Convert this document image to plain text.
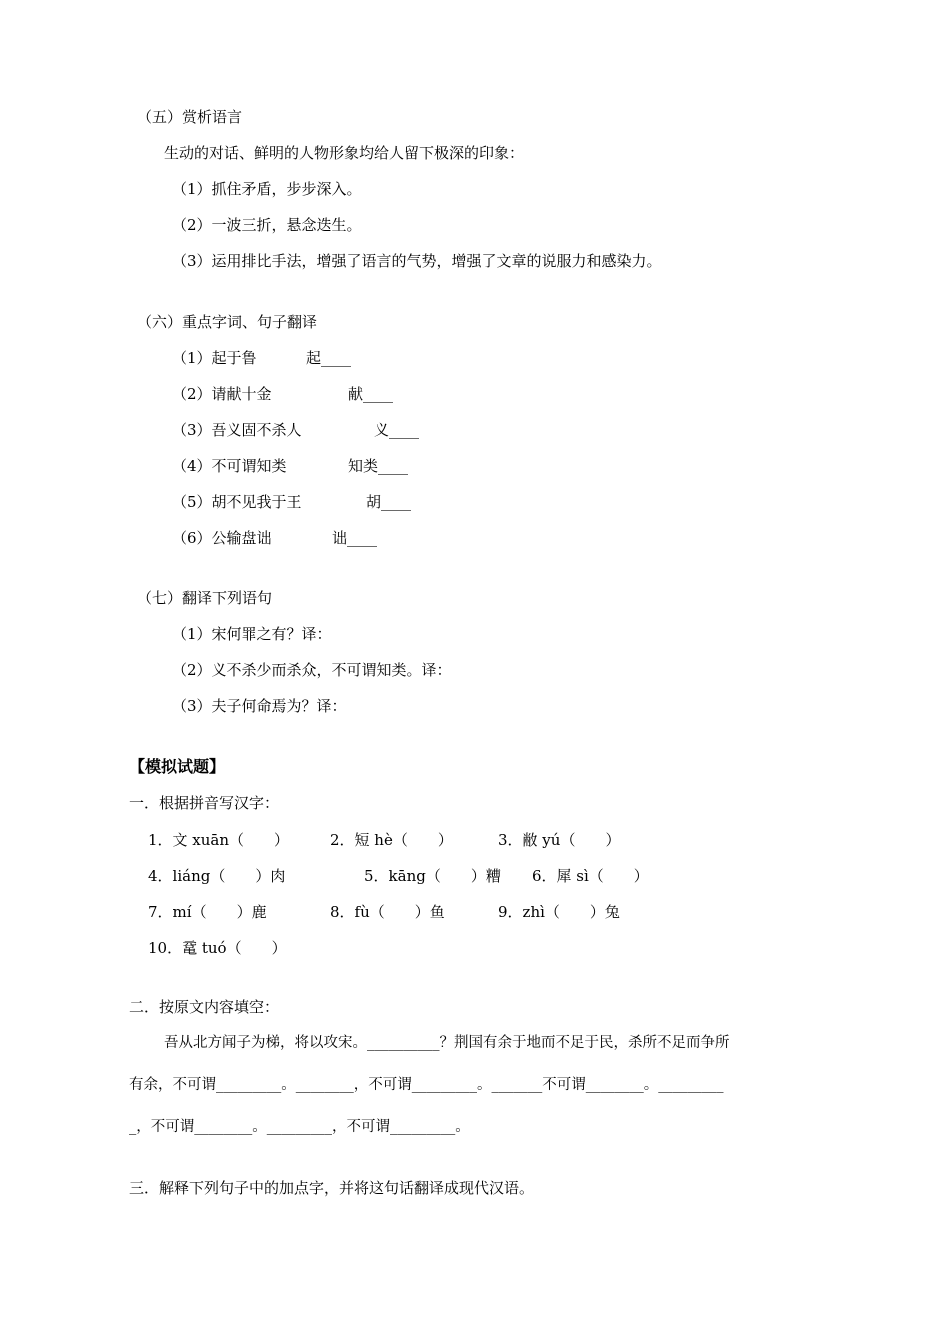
（五）赏析语言
生动的对话、鲜明的人物形象均给人留下极深的印象：
（1）抓住矛盾，步步深入。
（2）一波三折，悬念迭生。
（3）运用排比手法，增强了语言的气势，增强了文章的说服力和感染力。
（六）重点字词、句子翻译
（1）起于鲁	起____
（2）请献十金	献____
（3）吾义固不杀人	义____
（4）不可谓知类	知类____
（5）胡不见我于王	胡____
（6）公输盘诎	诎____
（七）翻译下列语句
（1）宋何罪之有？译：
（2）义不杀少而杀众，不可谓知类。译：
（3）夫子何命焉为？译：
【模拟试题】
一．根据拼音写汉字：
1．文 xuān（　　）	2．短 hè（　　）	3．敝 yú（　　）
4．liáng（　　）肉	5．kāng（　　）糟 6．犀 sì（　　）
7．mí（　　）鹿	8．fù（　　）鱼	9．zhì（　　）兔
10．鼋 tuó（　　）
二．按原文内容填空：
吾从北方闻子为梯，将以攻宋。__________？荆国有余于地而不足于民，杀所不足而争所
有余，不可谓_________。________，不可谓_________。_______不可谓________。_________
_，不可谓________。_________，不可谓_________。
三．解释下列句子中的加点字，并将这句话翻译成现代汉语。
